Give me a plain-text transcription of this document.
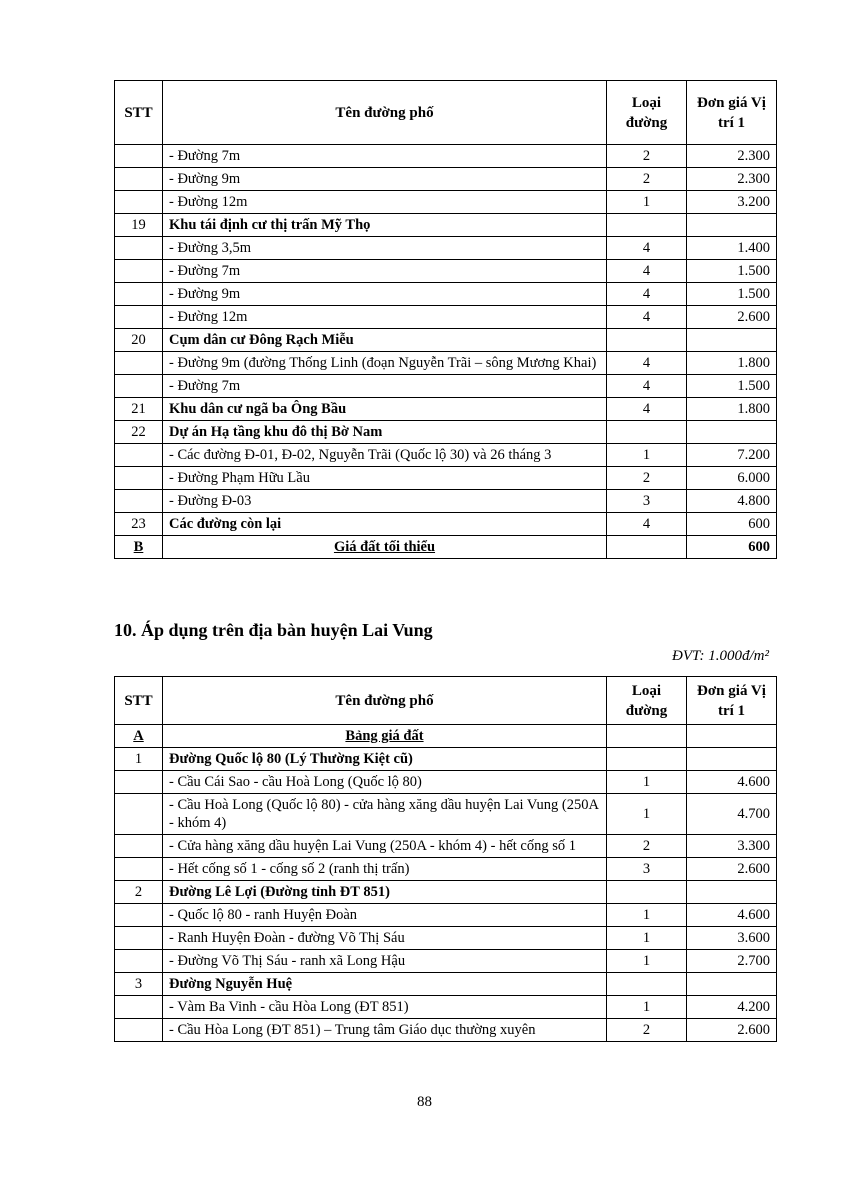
STT	Tên đường phố	Loại đường	Đơn giá Vị trí 1
	- Đường 7m	2	2.300
	- Đường 9m	2	2.300
	- Đường 12m	1	3.200
19	Khu tái định cư thị trấn Mỹ Thọ		
	- Đường 3,5m	4	1.400
	- Đường 7m	4	1.500
	- Đường 9m	4	1.500
	- Đường 12m	4	2.600
20	Cụm dân cư Đông Rạch Miễu		
	- Đường 9m (đường Thống Linh (đoạn Nguyễn Trãi – sông Mương Khai)	4	1.800
	- Đường 7m	4	1.500
21	Khu dân cư ngã ba Ông Bầu	4	1.800
22	Dự án Hạ tầng khu đô thị Bờ Nam		
	- Các đường Đ-01, Đ-02, Nguyễn Trãi (Quốc lộ 30) và 26 tháng 3	1	7.200
	- Đường Phạm Hữu Lầu	2	6.000
	- Đường Đ-03	3	4.800
23	Các đường còn lại	4	600
B	Giá đất tối thiểu		600
10. Áp dụng trên địa bàn huyện Lai Vung
ĐVT: 1.000đ/m²
STT	Tên đường phố	Loại đường	Đơn giá Vị trí 1
A	Bảng giá đất		
1	Đường Quốc lộ 80 (Lý Thường Kiệt cũ)		
	- Cầu Cái Sao - cầu Hoà Long (Quốc lộ 80)	1	4.600
	- Cầu Hoà Long (Quốc lộ 80) - cửa hàng xăng dầu huyện Lai Vung (250A - khóm 4)	1	4.700
	- Cửa hàng xăng dầu huyện Lai Vung (250A - khóm 4) - hết cống số 1	2	3.300
	- Hết cống số 1 - cống số 2 (ranh thị trấn)	3	2.600
2	Đường Lê Lợi (Đường tỉnh ĐT 851)		
	- Quốc lộ 80 - ranh Huyện Đoàn	1	4.600
	- Ranh Huyện Đoàn - đường Võ Thị Sáu	1	3.600
	- Đường Võ Thị Sáu - ranh xã Long Hậu	1	2.700
3	Đường Nguyễn Huệ		
	- Vàm Ba Vinh - cầu Hòa Long (ĐT 851)	1	4.200
	- Cầu Hòa Long (ĐT 851) – Trung tâm Giáo dục thường xuyên	2	2.600
88
